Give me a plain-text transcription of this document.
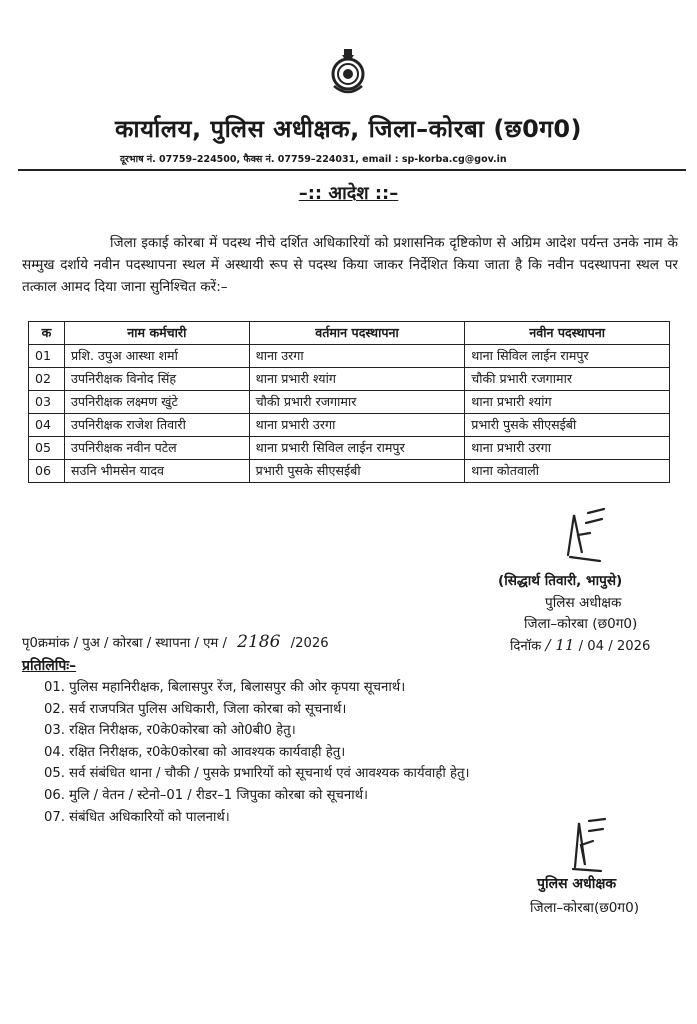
कार्यालय, पुलिस अधीक्षक, जिला–कोरबा (छ0ग0)
दूरभाष नं. 07759–224500, फैक्स नं. 07759–224031, email : sp-korba.cg@gov.in
–:: आदेश ::–
जिला इकाई कोरबा में पदस्थ नीचे दर्शित अधिकारियों को प्रशासनिक दृष्टिकोण से अग्रिम आदेश पर्यन्त उनके नाम के सम्मुख दर्शाये नवीन पदस्थापना स्थल में अस्थायी रूप से पदस्थ किया जाकर निर्देशित किया जाता है कि नवीन पदस्थापना स्थल पर तत्काल आमद दिया जाना सुनिश्चित करें:–
क	नाम कर्मचारी	वर्तमान पदस्थापना	नवीन पदस्थापना
01	प्रशि. उपुअ आस्था शर्मा	थाना उरगा	थाना सिविल लाईन रामपुर
02	उपनिरीक्षक विनोद सिंह	थाना प्रभारी श्यांग	चौकी प्रभारी रजगामार
03	उपनिरीक्षक लक्ष्मण खुंटे	चौकी प्रभारी रजगामार	थाना प्रभारी श्यांग
04	उपनिरीक्षक राजेश तिवारी	थाना प्रभारी उरगा	प्रभारी पुसके सीएसईबी
05	उपनिरीक्षक नवीन पटेल	थाना प्रभारी सिविल लाईन रामपुर	थाना प्रभारी उरगा
06	सउनि भीमसेन यादव	प्रभारी पुसके सीएसईबी	थाना कोतवाली
(सिद्धार्थ तिवारी, भापुसे)
पुलिस अधीक्षक
जिला–कोरबा (छ0ग0)
पृ0क्रमांक / पुअ / कोरबा / स्थापना / एम / 2186 /2026	दिनॉक / 11 / 04 / 2026
प्रतिलिपिः–
01. पुलिस महानिरीक्षक, बिलासपुर रेंज, बिलासपुर की ओर कृपया सूचनार्थ।
02. सर्व राजपत्रित पुलिस अधिकारी, जिला कोरबा को सूचनार्थ।
03. रक्षित निरीक्षक, र0के0कोरबा को ओ0बी0 हेतु।
04. रक्षित निरीक्षक, र0के0कोरबा को आवश्यक कार्यवाही हेतु।
05. सर्व संबंधित थाना / चौकी / पुसके प्रभारियों को सूचनार्थ एवं आवश्यक कार्यवाही हेतु।
06. मुलि / वेतन / स्टेनो–01 / रीडर–1 जिपुका कोरबा को सूचनार्थ।
07. संबंधित अधिकारियों को पालनार्थ।
पुलिस अधीक्षक
जिला–कोरबा(छ0ग0)
